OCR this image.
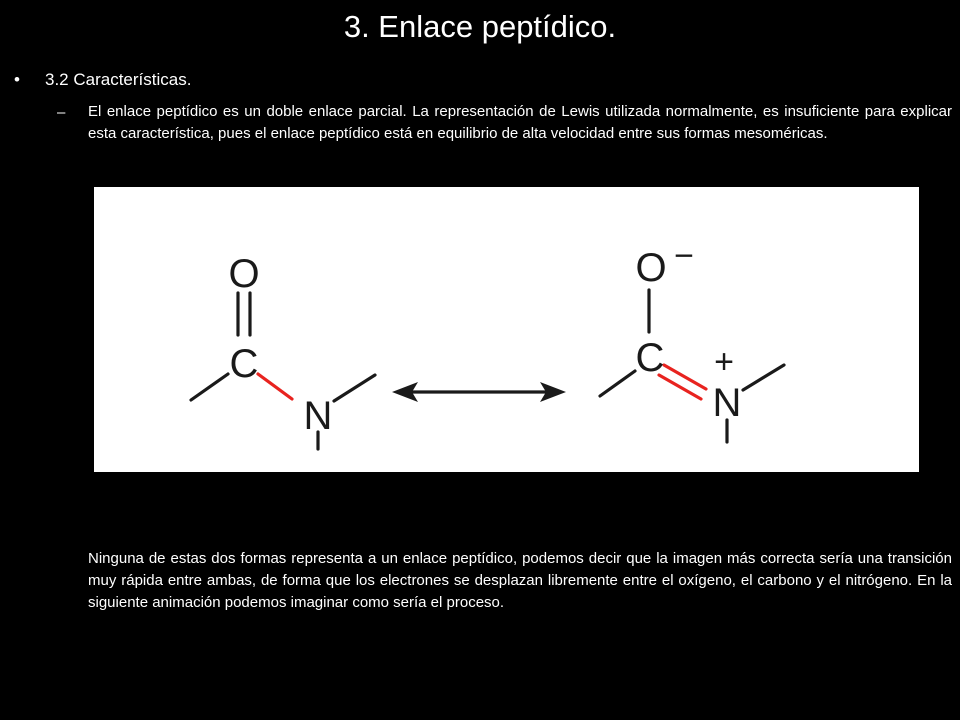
3. Enlace peptídico.
• 3.2 Características.
– El enlace peptídico es un doble enlace parcial. La representación de Lewis utilizada normalmente, es insuficiente para explicar esta característica, pues el enlace peptídico está en equilibrio de alta velocidad entre sus formas mesoméricas.

O
C
N
O
C
N
+
−

Ninguna de estas dos formas representa a un enlace peptídico, podemos decir que la imagen más correcta sería una transición muy rápida entre ambas, de forma que los electrones se desplazan libremente entre el oxígeno, el carbono y el nitrógeno. En la siguiente animación podemos imaginar como sería el proceso.
